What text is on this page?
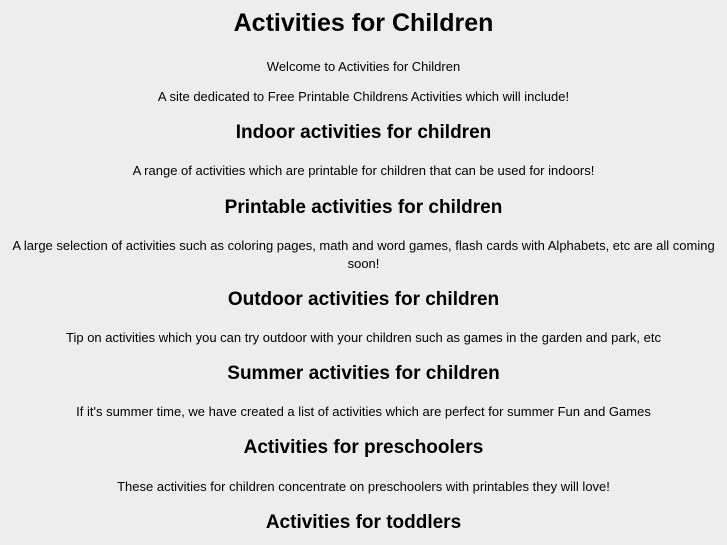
Activities for Children

Welcome to Activities for Children

A site dedicated to Free Printable Childrens Activities which will include!

Indoor activities for children

A range of activities which are printable for children that can be used for indoors!

Printable activities for children

A large selection of activities such as coloring pages, math and word games, flash cards with Alphabets, etc are all coming soon!

Outdoor activities for children

Tip on activities which you can try outdoor with your children such as games in the garden and park, etc

Summer activities for children

If it's summer time, we have created a list of activities which are perfect for summer Fun and Games

Activities for preschoolers

These activities for children concentrate on preschoolers with printables they will love!

Activities for toddlers
